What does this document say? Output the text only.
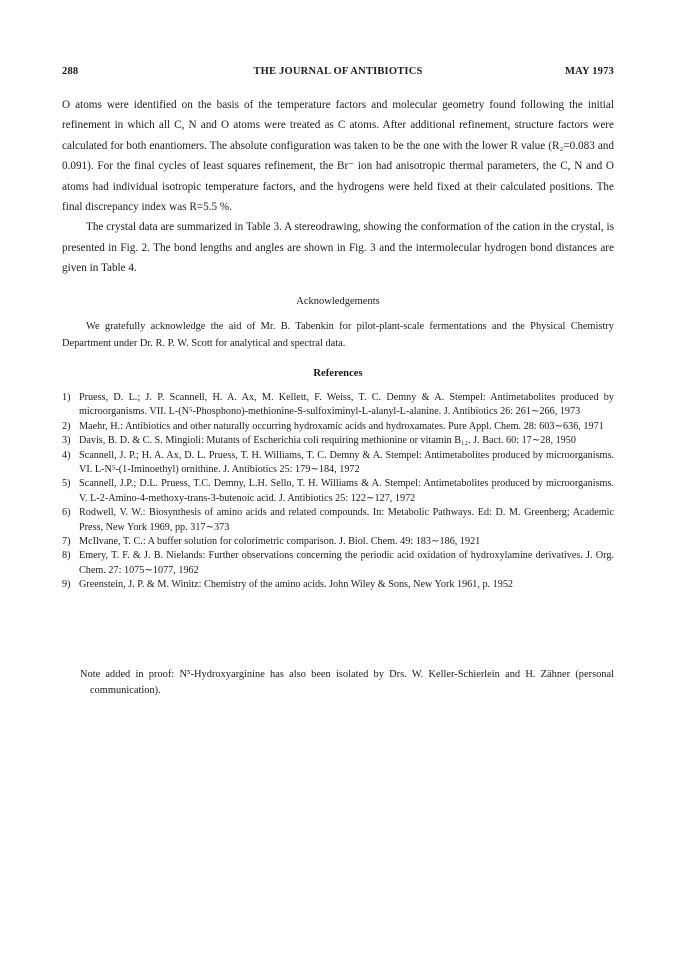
288	THE JOURNAL OF ANTIBIOTICS	MAY 1973

O atoms were identified on the basis of the temperature factors and molecular geometry found following the initial refinement in which all C, N and O atoms were treated as C atoms. After additional refinement, structure factors were calculated for both enantiomers. The absolute configuration was taken to be the one with the lower R value (R₂=0.083 and 0.091). For the final cycles of least squares refinement, the Br⁻ ion had anisotropic thermal parameters, the C, N and O atoms had individual isotropic temperature factors, and the hydrogens were held fixed at their calculated positions. The final discrepancy index was R=5.5 %.

The crystal data are summarized in Table 3. A stereodrawing, showing the conformation of the cation in the crystal, is presented in Fig. 2. The bond lengths and angles are shown in Fig. 3 and the intermolecular hydrogen bond distances are given in Table 4.

Acknowledgements

We gratefully acknowledge the aid of Mr. B. Tabenkin for pilot-plant-scale fermentations and the Physical Chemistry Department under Dr. R. P. W. Scott for analytical and spectral data.

References
1) Pruess, D. L.; J. P. Scannell, H. A. Ax, M. Kellett, F. Weiss, T. C. Demny & A. Stempel: Antimetabolites produced by microorganisms. VII. L-(N⁵-Phosphono)-methionine-S-sulfoximinyl-L-alanyl-L-alanine. J. Antibiotics 26: 261∼266, 1973
2) Maehr, H.: Antibiotics and other naturally occurring hydroxamic acids and hydroxamates. Pure Appl. Chem. 28: 603∼636, 1971
3) Davis, B. D. & C. S. Mingioli: Mutants of Escherichia coli requiring methionine or vitamin B₁₂. J. Bact. 60: 17∼28, 1950
4) Scannell, J. P.; H. A. Ax, D. L. Pruess, T. H. Williams, T. C. Demny & A. Stempel: Antimetabolites produced by microorganisms. VI. L-N⁵-(1-Iminoethyl) ornithine. J. Antibiotics 25: 179∼184, 1972
5) Scannell, J.P.; D.L. Pruess, T.C. Demny, L.H. Sello, T. H. Williams & A. Stempel: Antimetabolites produced by microorganisms. V. L-2-Amino-4-methoxy-trans-3-butenoic acid. J. Antibiotics 25: 122∼127, 1972
6) Rodwell, V. W.: Biosynthesis of amino acids and related compounds. In: Metabolic Pathways. Ed: D. M. Greenberg; Academic Press, New York 1969, pp. 317∼373
7) McIlvane, T. C.: A buffer solution for colorimetric comparison. J. Biol. Chem. 49: 183∼186, 1921
8) Emery, T. F. & J. B. Nielands: Further observations concerning the periodic acid oxidation of hydroxylamine derivatives. J. Org. Chem. 27: 1075∼1077, 1962
9) Greenstein, J. P. & M. Winitz: Chemistry of the amino acids. John Wiley & Sons, New York 1961, p. 1952

Note added in proof: N⁵-Hydroxyarginine has also been isolated by Drs. W. Keller-Schierlein and H. Zähner (personal communication).
